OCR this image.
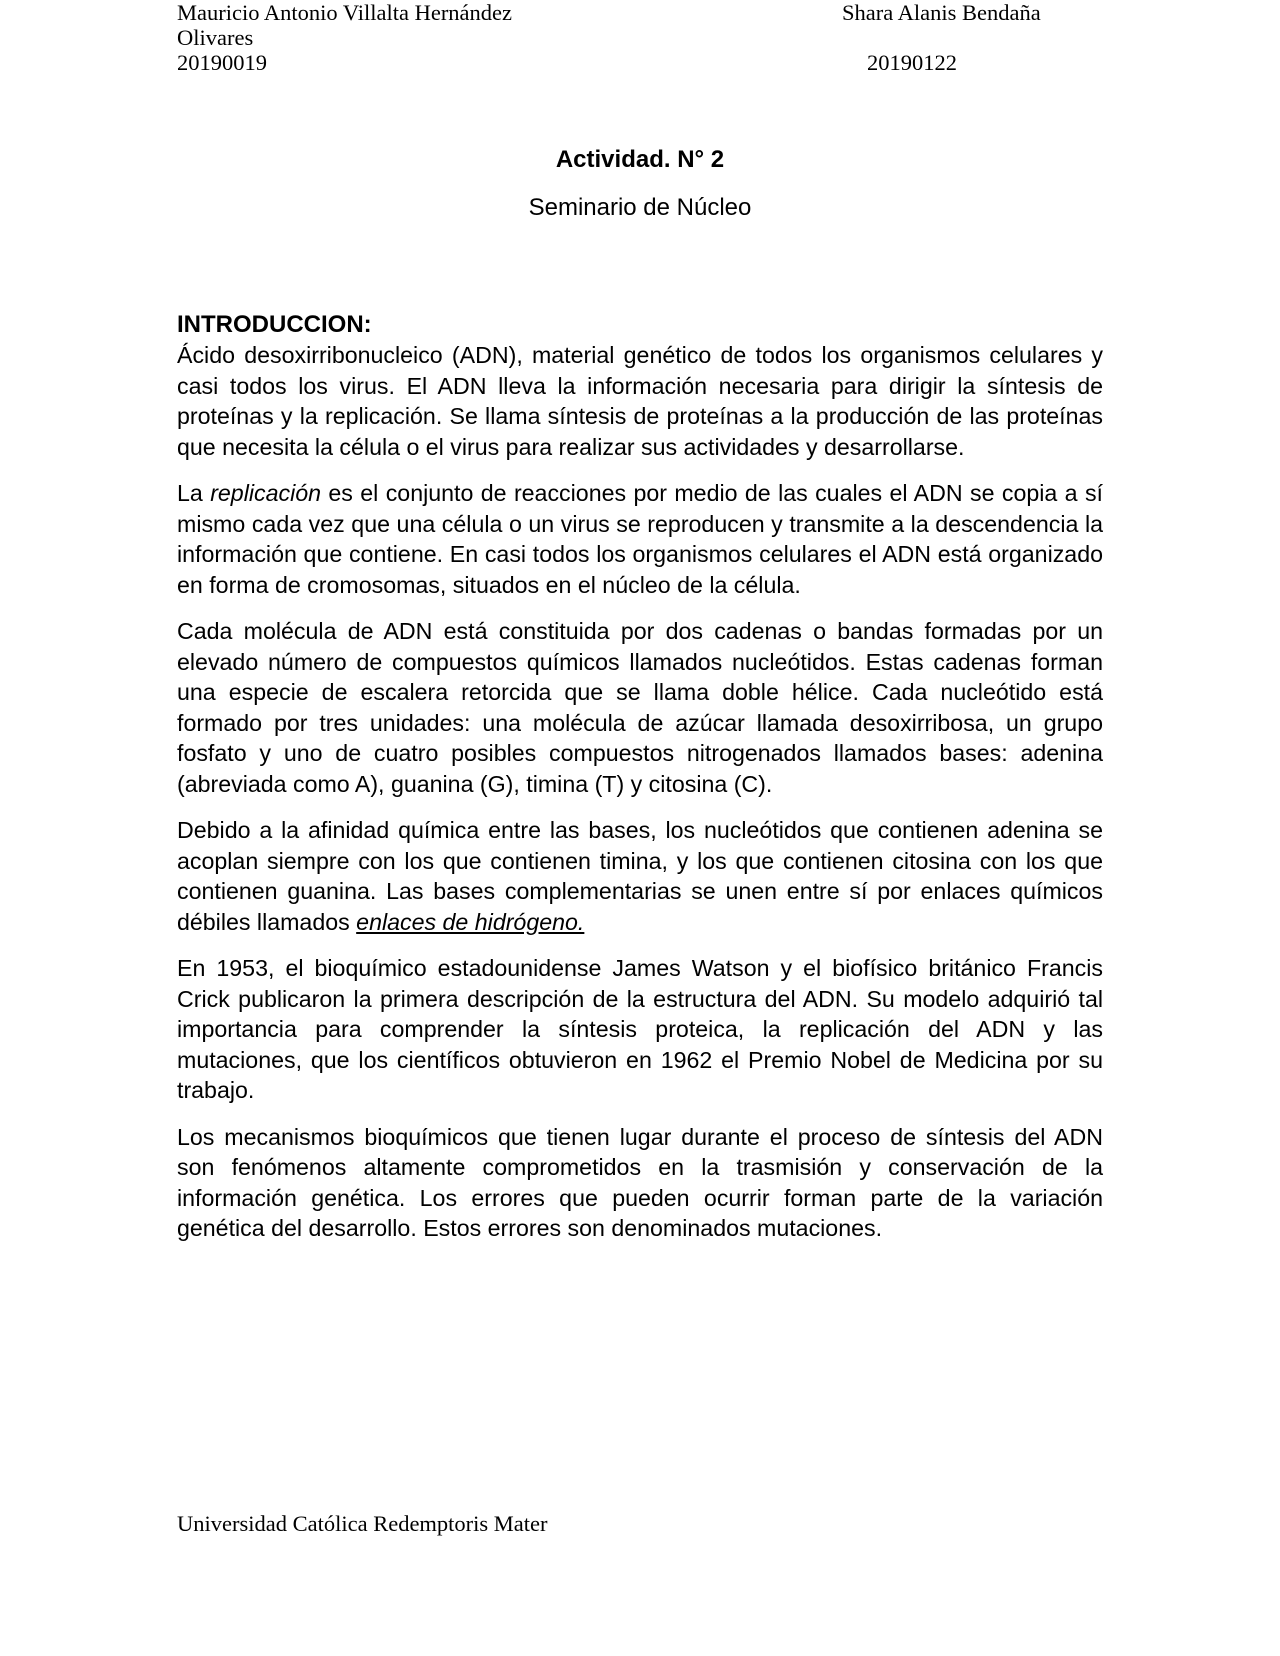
Mauricio Antonio Villalta Hernández
Olivares
20190019
Shara Alanis Bendaña

20190122
Actividad. N° 2
Seminario de Núcleo

INTRODUCCION:

Ácido desoxirribonucleico (ADN), material genético de todos los organismos celulares y casi todos los virus. El ADN lleva la información necesaria para dirigir la síntesis de proteínas y la replicación. Se llama síntesis de proteínas a la producción de las proteínas que necesita la célula o el virus para realizar sus actividades y desarrollarse.

La replicación es el conjunto de reacciones por medio de las cuales el ADN se copia a sí mismo cada vez que una célula o un virus se reproducen y transmite a la descendencia la información que contiene. En casi todos los organismos celulares el ADN está organizado en forma de cromosomas, situados en el núcleo de la célula.

Cada molécula de ADN está constituida por dos cadenas o bandas formadas por un elevado número de compuestos químicos llamados nucleótidos. Estas cadenas forman una especie de escalera retorcida que se llama doble hélice. Cada nucleótido está formado por tres unidades: una molécula de azúcar llamada desoxirribosa, un grupo fosfato y uno de cuatro posibles compuestos nitrogenados llamados bases: adenina (abreviada como A), guanina (G), timina (T) y citosina (C).

Debido a la afinidad química entre las bases, los nucleótidos que contienen adenina se acoplan siempre con los que contienen timina, y los que contienen citosina con los que contienen guanina. Las bases complementarias se unen entre sí por enlaces químicos débiles llamados enlaces de hidrógeno.

En 1953, el bioquímico estadounidense James Watson y el biofísico británico Francis Crick publicaron la primera descripción de la estructura del ADN. Su modelo adquirió tal importancia para comprender la síntesis proteica, la replicación del ADN y las mutaciones, que los científicos obtuvieron en 1962 el Premio Nobel de Medicina por su trabajo.

Los mecanismos bioquímicos que tienen lugar durante el proceso de síntesis del ADN son fenómenos altamente comprometidos en la trasmisión y conservación de la información genética. Los errores que pueden ocurrir forman parte de la variación genética del desarrollo. Estos errores son denominados mutaciones.

Universidad Católica Redemptoris Mater
